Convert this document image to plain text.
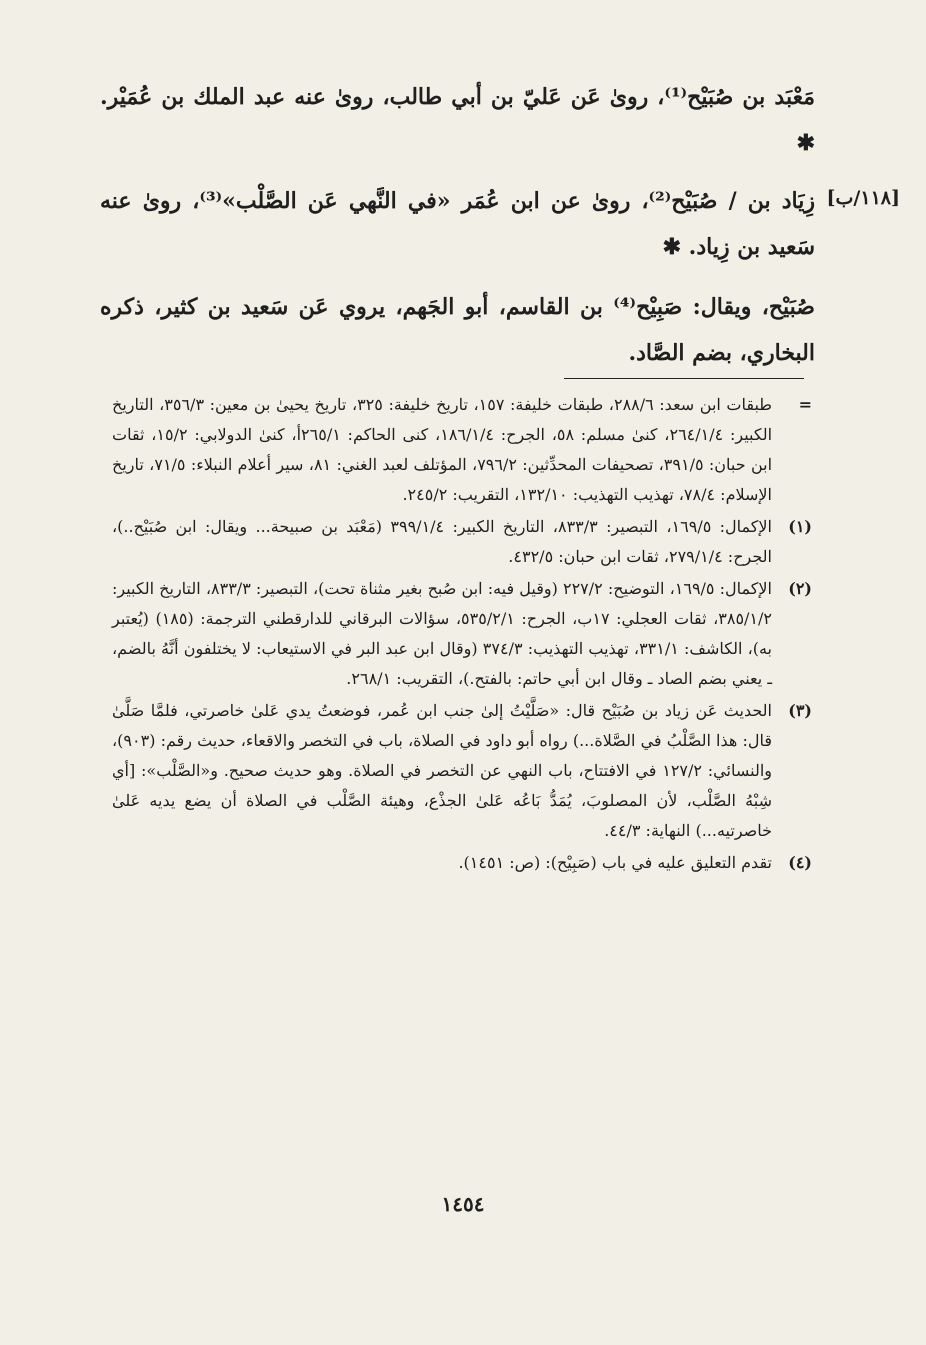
مَعْبَد بن صُبَيْح⁽¹⁾، روىٰ عَن عَليّ بن أبي طالب، روىٰ عنه عبد الملك بن عُمَيْر. ✱

[١١٨/ب]

زِيَاد بن / صُبَيْح⁽²⁾، روىٰ عن ابن عُمَر «في النَّهي عَن الصَّلْب»⁽³⁾، روىٰ عنه سَعيد بن زِياد. ✱

صُبَيْح، ويقال: صَبِيْح⁽⁴⁾ بن القاسم، أبو الجَهم، يروي عَن سَعيد بن كثير، ذكره البخاري، بضم الصَّاد.

=
طبقات ابن سعد: ٢٨٨/٦، طبقات خليفة: ١٥٧، تاريخ خليفة: ٣٢٥، تاريخ يحيىٰ بن معين: ٣٥٦/٣، التاريخ الكبير: ٢٦٤/١/٤، كنىٰ مسلم: ٥٨، الجرح: ١٨٦/١/٤، كنى الحاكم: ٢٦٥/١أ، كنىٰ الدولابي: ١٥/٢، ثقات ابن حبان: ٣٩١/٥، تصحيفات المحدِّثين: ٧٩٦/٢، المؤتلف لعبد الغني: ٨١، سير أعلام النبلاء: ٧١/٥، تاريخ الإسلام: ٧٨/٤، تهذيب التهذيب: ١٣٢/١٠، التقريب: ٢٤٥/٢.
(١)
الإكمال: ١٦٩/٥، التبصير: ٨٣٣/٣، التاريخ الكبير: ٣٩٩/١/٤ (مَعْبَد بن صبيحة... ويقال: ابن صُبَيْح..)، الجرح: ٢٧٩/١/٤، ثقات ابن حبان: ٤٣٢/٥.
(٢)
الإكمال: ١٦٩/٥، التوضيح: ٢٢٧/٢ (وقيل فيه: ابن صُبح بغير مثناة تحت)، التبصير: ٨٣٣/٣، التاريخ الكبير: ٣٨٥/١/٢، ثقات العجلي: ١٧ب، الجرح: ٥٣٥/٢/١، سؤالات البرقاني للدارقطني الترجمة: (١٨٥) (يُعتبر به)، الكاشف: ٣٣١/١، تهذيب التهذيب: ٣٧٤/٣ (وقال ابن عبد البر في الاستيعاب: لا يختلفون أنَّهُ بالضم، ـ يعني بضم الصاد ـ وقال ابن أبي حاتم: بالفتح.)، التقريب: ٢٦٨/١.
(٣)
الحديث عَن زياد بن صُبَيْح قال: «صَلَّيْتُ إلىٰ جنب ابن عُمر، فوضعتُ يدي عَلىٰ خاصرتي، فلمَّا صَلَّىٰ قال: هذا الصَّلْبُ في الصَّلاة...) رواه أبو داود في الصلاة، باب في التخصر والاقعاء، حديث رقم: (٩٠٣)، والنسائي: ١٢٧/٢ في الافتتاح، باب النهي عن التخصر في الصلاة. وهو حديث صحيح. و«الصَّلْب»: [أي شِبْهُ الصَّلْب، لأن المصلوبَ، يُمَدُّ بَاعُه عَلىٰ الجذْع، وهيئة الصَّلْب في الصلاة أن يضع يديه عَلىٰ خاصرتيه...) النهاية: ٤٤/٣.
(٤)
تقدم التعليق عليه في باب (صَبِيْح): (ص: ١٤٥١).
١٤٥٤
